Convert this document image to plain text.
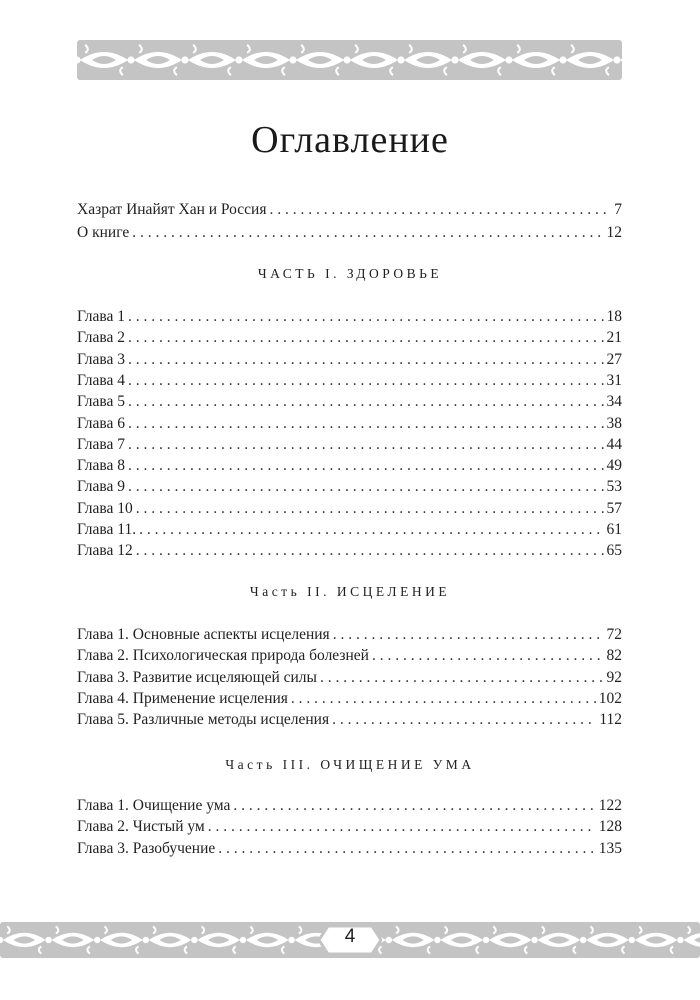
4
Оглавление
Хазрат Инайят Хан и Россия . . .	7
О книге . . .	12
ЧАСТЬ I. ЗДОРОВЬЕ
Глава 1 . . .	18
Глава 2 . . .	21
Глава 3 . . .	27
Глава 4 . . .	31
Глава 5 . . .	34
Глава 6 . . .	38
Глава 7 . . .	44
Глава 8 . . .	49
Глава 9 . . .	53
Глава 10 . . .	57
Глава 11. . . .	61
Глава 12 . . .	65
Часть II. ИСЦЕЛЕНИЕ
Глава 1. Основные аспекты исцеления . . .	72
Глава 2. Психологическая природа болезней . . .	82
Глава 3. Развитие исцеляющей силы . . .	92
Глава 4. Применение исцеления . . .	102
Глава 5. Различные методы исцеления . . .	112
Часть III. ОЧИЩЕНИЕ УМА
Глава 1. Очищение ума . . .	122
Глава 2. Чистый ум . . .	128
Глава 3. Разобучение . . .	135
